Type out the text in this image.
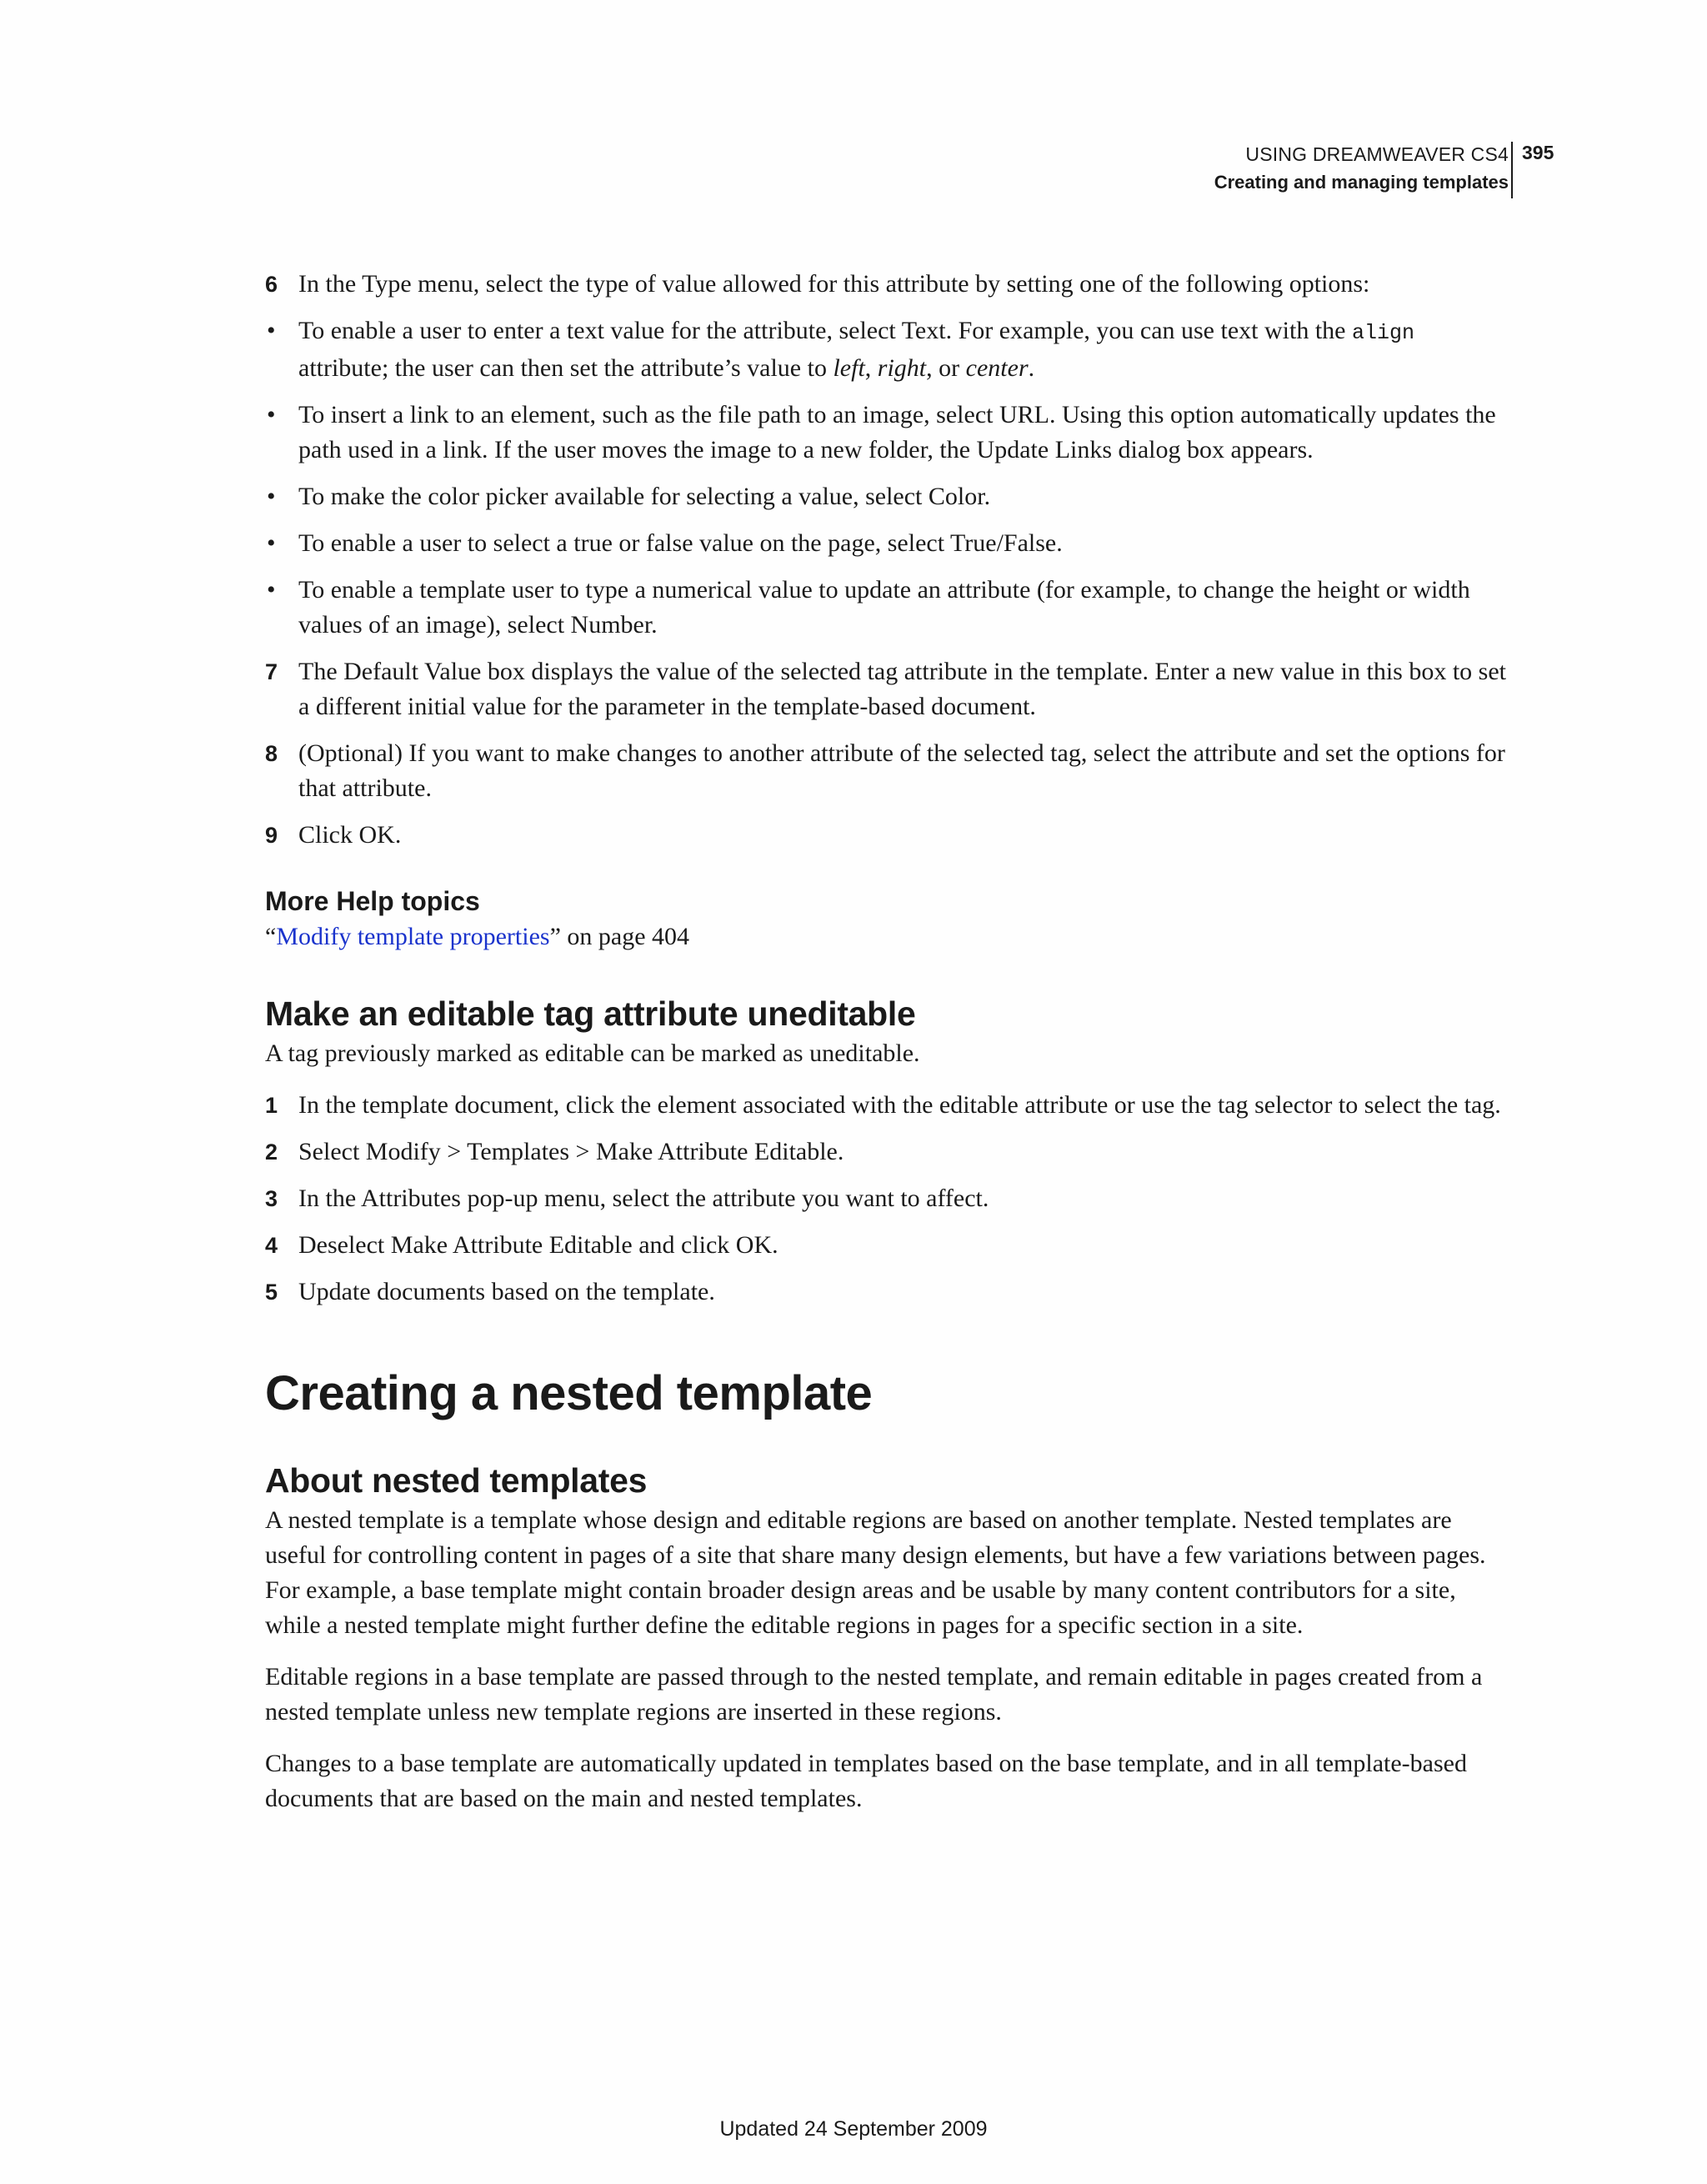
USING DREAMWEAVER CS4
Creating and managing templates
395
6 In the Type menu, select the type of value allowed for this attribute by setting one of the following options:
• To enable a user to enter a text value for the attribute, select Text. For example, you can use text with the align attribute; the user can then set the attribute’s value to left, right, or center.
• To insert a link to an element, such as the file path to an image, select URL. Using this option automatically updates the path used in a link. If the user moves the image to a new folder, the Update Links dialog box appears.
• To make the color picker available for selecting a value, select Color.
• To enable a user to select a true or false value on the page, select True/False.
• To enable a template user to type a numerical value to update an attribute (for example, to change the height or width values of an image), select Number.
7 The Default Value box displays the value of the selected tag attribute in the template. Enter a new value in this box to set a different initial value for the parameter in the template-based document.
8 (Optional) If you want to make changes to another attribute of the selected tag, select the attribute and set the options for that attribute.
9 Click OK.
More Help topics

“Modify template properties” on page 404

Make an editable tag attribute uneditable

A tag previously marked as editable can be marked as uneditable.

1 In the template document, click the element associated with the editable attribute or use the tag selector to select the tag.
2 Select Modify > Templates > Make Attribute Editable.
3 In the Attributes pop-up menu, select the attribute you want to affect.
4 Deselect Make Attribute Editable and click OK.
5 Update documents based on the template.
Creating a nested template
About nested templates

A nested template is a template whose design and editable regions are based on another template. Nested templates are useful for controlling content in pages of a site that share many design elements, but have a few variations between pages. For example, a base template might contain broader design areas and be usable by many content contributors for a site, while a nested template might further define the editable regions in pages for a specific section in a site.

Editable regions in a base template are passed through to the nested template, and remain editable in pages created from a nested template unless new template regions are inserted in these regions.

Changes to a base template are automatically updated in templates based on the base template, and in all template-based documents that are based on the main and nested templates.

Updated 24 September 2009
